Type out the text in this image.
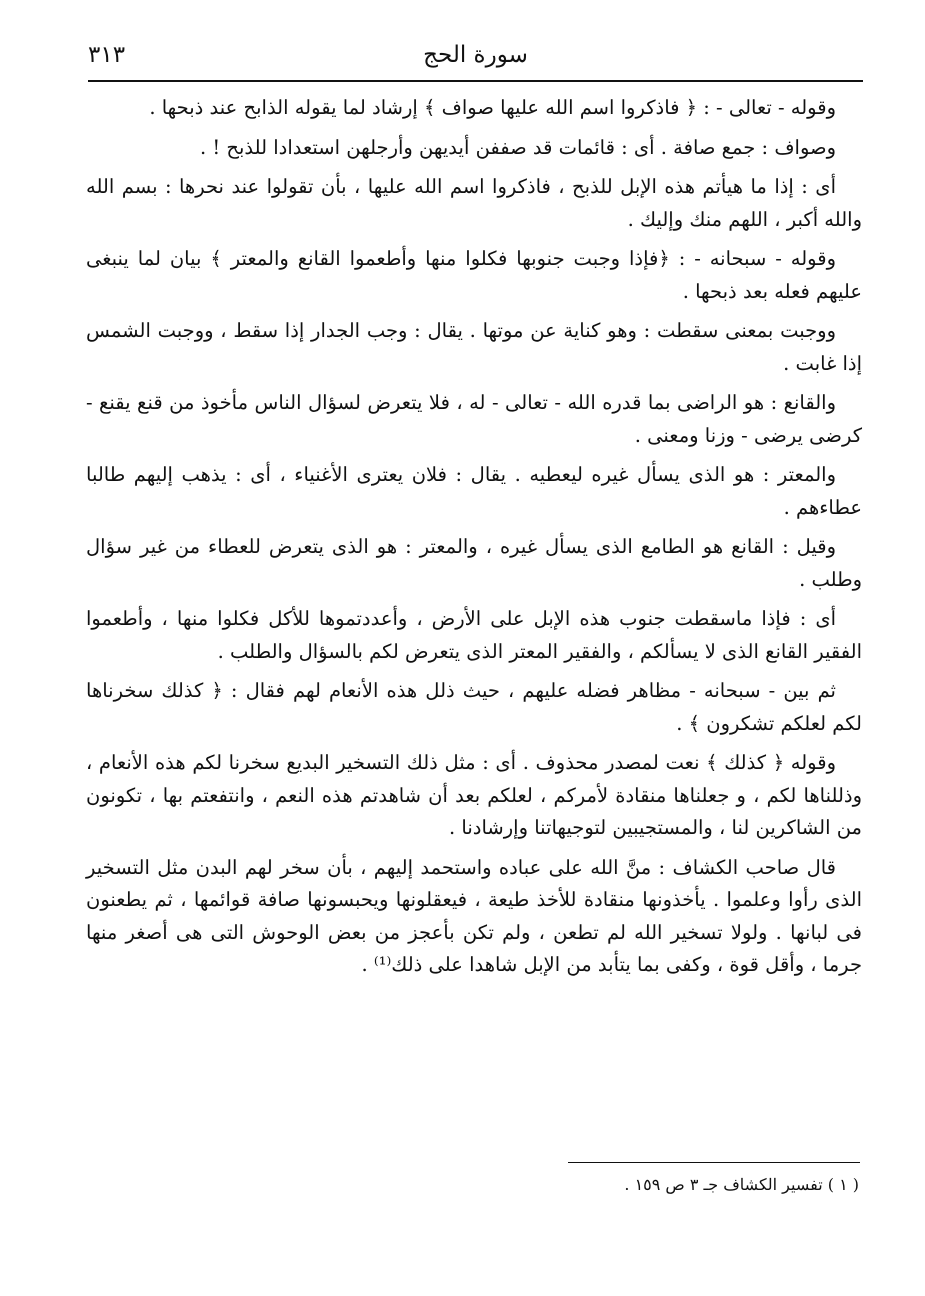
سورة الحج
٣١٣

وقوله - تعالى - : ﴿ فاذكروا اسم الله عليها صواف ﴾ إرشاد لما يقوله الذابح عند ذبحها .

وصواف : جمع صافة . أى : قائمات قد صففن أيديهن وأرجلهن استعدادا للذبح ! .

أى : إذا ما هيأتم هذه الإبل للذبح ، فاذكروا اسم الله عليها ، بأن تقولوا عند نحرها : بسم الله والله أكبر ، اللهم منك وإليك .

وقوله - سبحانه - : ﴿فإذا وجبت جنوبها فكلوا منها وأطعموا القانع والمعتر ﴾ بيان لما ينبغى عليهم فعله بعد ذبحها .

ووجبت بمعنى سقطت : وهو كناية عن موتها . يقال : وجب الجدار إذا سقط ، ووجبت الشمس إذا غابت .

والقانع : هو الراضى بما قدره الله - تعالى - له ، فلا يتعرض لسؤال الناس مأخوذ من قنع يقنع - كرضى يرضى - وزنا ومعنى .

والمعتر : هو الذى يسأل غيره ليعطيه . يقال : فلان يعترى الأغنياء ، أى : يذهب إليهم طالبا عطاءهم .

وقيل : القانع هو الطامع الذى يسأل غيره ، والمعتر : هو الذى يتعرض للعطاء من غير سؤال وطلب .

أى : فإذا ماسقطت جنوب هذه الإبل على الأرض ، وأعددتموها للأكل فكلوا منها ، وأطعموا الفقير القانع الذى لا يسألكم ، والفقير المعتر الذى يتعرض لكم بالسؤال والطلب .

ثم بين - سبحانه - مظاهر فضله عليهم ، حيث ذلل هذه الأنعام لهم فقال : ﴿ كذلك سخرناها لكم لعلكم تشكرون ﴾ .

وقوله ﴿ كذلك ﴾ نعت لمصدر محذوف . أى : مثل ذلك التسخير البديع سخرنا لكم هذه الأنعام ، وذللناها لكم ، و جعلناها منقادة لأمركم ، لعلكم بعد أن شاهدتم هذه النعم ، وانتفعتم بها ، تكونون من الشاكرين لنا ، والمستجيبين لتوجيهاتنا وإرشادنا .

قال صاحب الكشاف : منَّ الله على عباده واستحمد إليهم ، بأن سخر لهم البدن مثل التسخير الذى رأوا وعلموا . يأخذونها منقادة للأخذ طيعة ، فيعقلونها ويحبسونها صافة قوائمها ، ثم يطعنون فى لبانها . ولولا تسخير الله لم تطعن ، ولم تكن بأعجز من بعض الوحوش التى هى أصغر منها جرما ، وأقل قوة ، وكفى بما يتأبد من الإبل شاهدا على ذلك⁽¹⁾ .

( ١ ) تفسير الكشاف جـ ٣ ص ١٥٩ .
